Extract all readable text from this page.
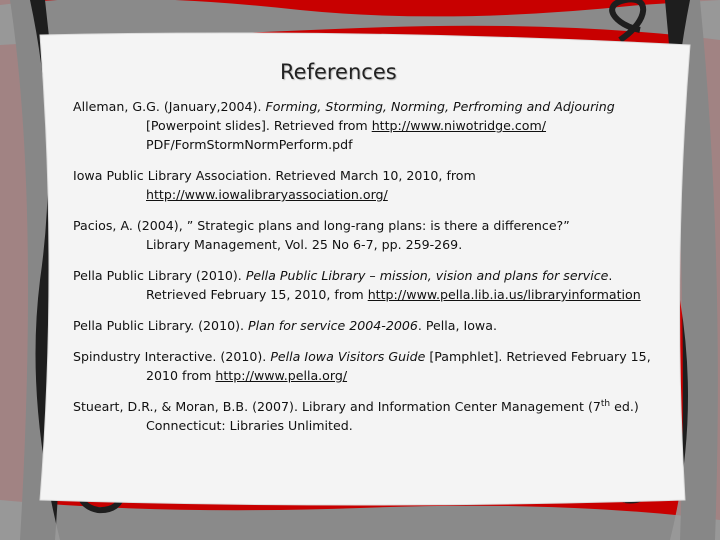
References

Alleman, G.G. (January,2004). Forming, Storming, Norming, Perfroming and Adjouring [Powerpoint slides]. Retrieved from http://www.niwotridge.com/ PDF/FormStormNormPerform.pdf

Iowa Public Library Association. Retrieved March 10, 2010, from http://www.iowalibraryassociation.org/

Pacios, A. (2004), ” Strategic plans and long-rang plans: is there a difference?”
Library Management, Vol. 25 No 6-7, pp. 259-269.

Pella Public Library (2010). Pella Public Library – mission, vision and plans for service. Retrieved February 15, 2010, from http://www.pella.lib.ia.us/libraryinformation

Pella Public Library. (2010). Plan for service 2004-2006. Pella, Iowa.

Spindustry Interactive. (2010). Pella Iowa Visitors Guide [Pamphlet]. Retrieved February 15, 2010 from http://www.pella.org/

Stueart, D.R., & Moran, B.B. (2007). Library and Information Center Management (7th ed.) Connecticut: Libraries Unlimited.
